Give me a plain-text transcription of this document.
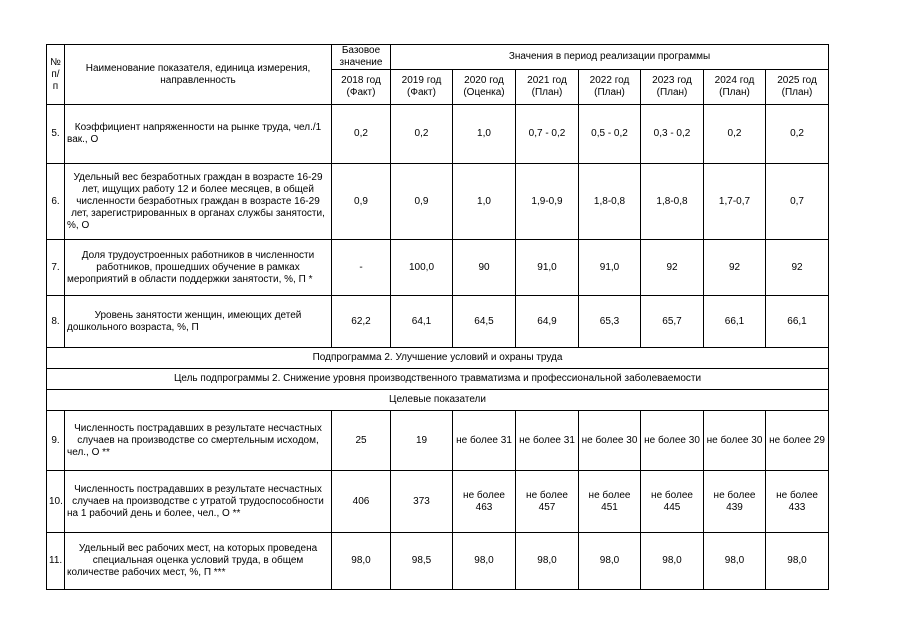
№ п/п	Наименование показателя, единица измерения, направленность	Базовое значение	Значения в период реализации программы						
		2018 год (Факт)	2019 год (Факт)	2020 год (Оценка)	2021 год (План)	2022 год (План)	2023 год (План)	2024 год (План)	2025 год (План)
5.	Коэффициент напряженности на рынке труда, чел./1 вак., О	0,2	0,2	1,0	0,7 - 0,2	0,5 - 0,2	0,3 - 0,2	0,2	0,2
6.	Удельный вес безработных граждан в возрасте 16-29 лет, ищущих работу 12 и более месяцев, в общей численности безработных граждан в возрасте 16-29 лет, зарегистрированных в органах службы занятости, %, О	0,9	0,9	1,0	1,9-0,9	1,8-0,8	1,8-0,8	1,7-0,7	0,7
7.	Доля трудоустроенных работников в численности работников, прошедших обучение в рамках мероприятий в области поддержки занятости, %, П *	-	100,0	90	91,0	91,0	92	92	92
8.	Уровень занятости женщин, имеющих детей дошкольного возраста, %, П	62,2	64,1	64,5	64,9	65,3	65,7	66,1	66,1
Подпрограмма 2. Улучшение условий и охраны труда									
Цель подпрограммы 2. Снижение уровня производственного травматизма и профессиональной заболеваемости									
Целевые показатели									
9.	Численность пострадавших в результате несчастных случаев на производстве со смертельным исходом, чел., О **	25	19	не более 31	не более 31	не более 30	не более 30	не более 30	не более 29
10.	Численность пострадавших в результате несчастных случаев на производстве с утратой трудоспособности на 1 рабочий день и более, чел., О **	406	373	не более 463	не более 457	не более 451	не более 445	не более 439	не более 433
11.	Удельный вес рабочих мест, на которых проведена специальная оценка условий труда, в общем количестве рабочих мест, %, П ***	98,0	98,5	98,0	98,0	98,0	98,0	98,0	98,0
